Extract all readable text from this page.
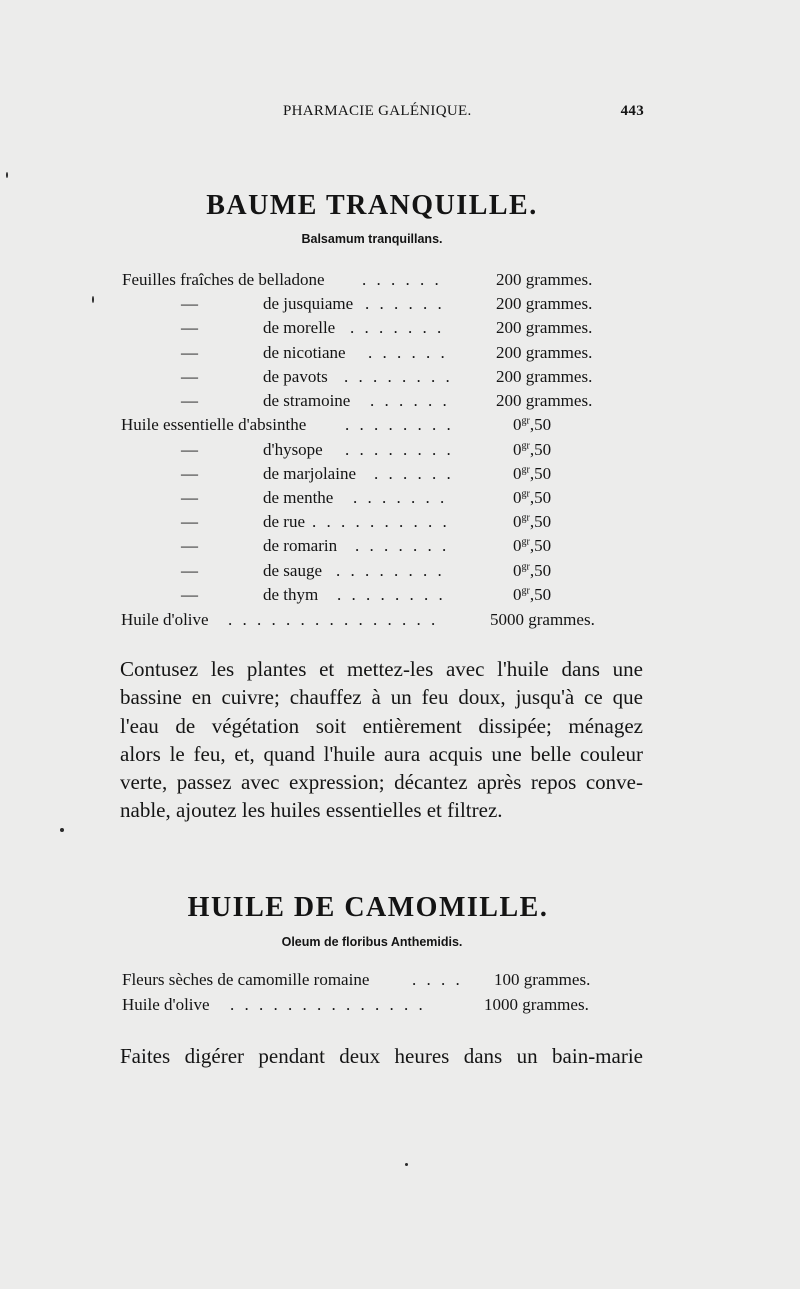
PHARMACIE GALÉNIQUE.	443
BAUME TRANQUILLE.
Balsamum tranquillans.
Feuilles fraîches de belladone . . . . . .	200 grammes.
—	de jusquiame . . . . . .	200 grammes.
—	de morelle . . . . . . .	200 grammes.
—	de nicotiane . . . . . .	200 grammes.
—	de pavots . . . . . . . .	200 grammes.
—	de stramoine . . . . . .	200 grammes.
Huile essentielle d'absinthe . . . . . . . .	$0^{gr},50$
—	d'hysope . . . . . . . .	$0^{gr},50$
—	de marjolaine . . . . . .	$0^{gr},50$
—	de menthe . . . . . . .	$0^{gr},50$
—	de rue . . . . . . . . . .	$0^{gr},50$
—	de romarin . . . . . . .	$0^{gr},50$
—	de sauge . . . . . . . .	$0^{gr},50$
—	de thym . . . . . . . .	$0^{gr},50$
Huile d'olive . . . . . . . . . . . . . . .	5000 grammes.
Contusez les plantes et mettez-les avec l'huile dans une
bassine en cuivre; chauffez à un feu doux, jusqu'à ce que
l'eau de végétation soit entièrement dissipée; ménagez
alors le feu, et, quand l'huile aura acquis une belle couleur
verte, passez avec expression; décantez après repos conve-
nable, ajoutez les huiles essentielles et filtrez.
HUILE DE CAMOMILLE.
Oleum de floribus Anthemidis.
Fleurs sèches de camomille romaine	. . . . 100 grammes.
Huile d'olive . . . . . . . . . . . . . .	1000 grammes.
Faites digérer pendant deux heures dans un bain-marie
